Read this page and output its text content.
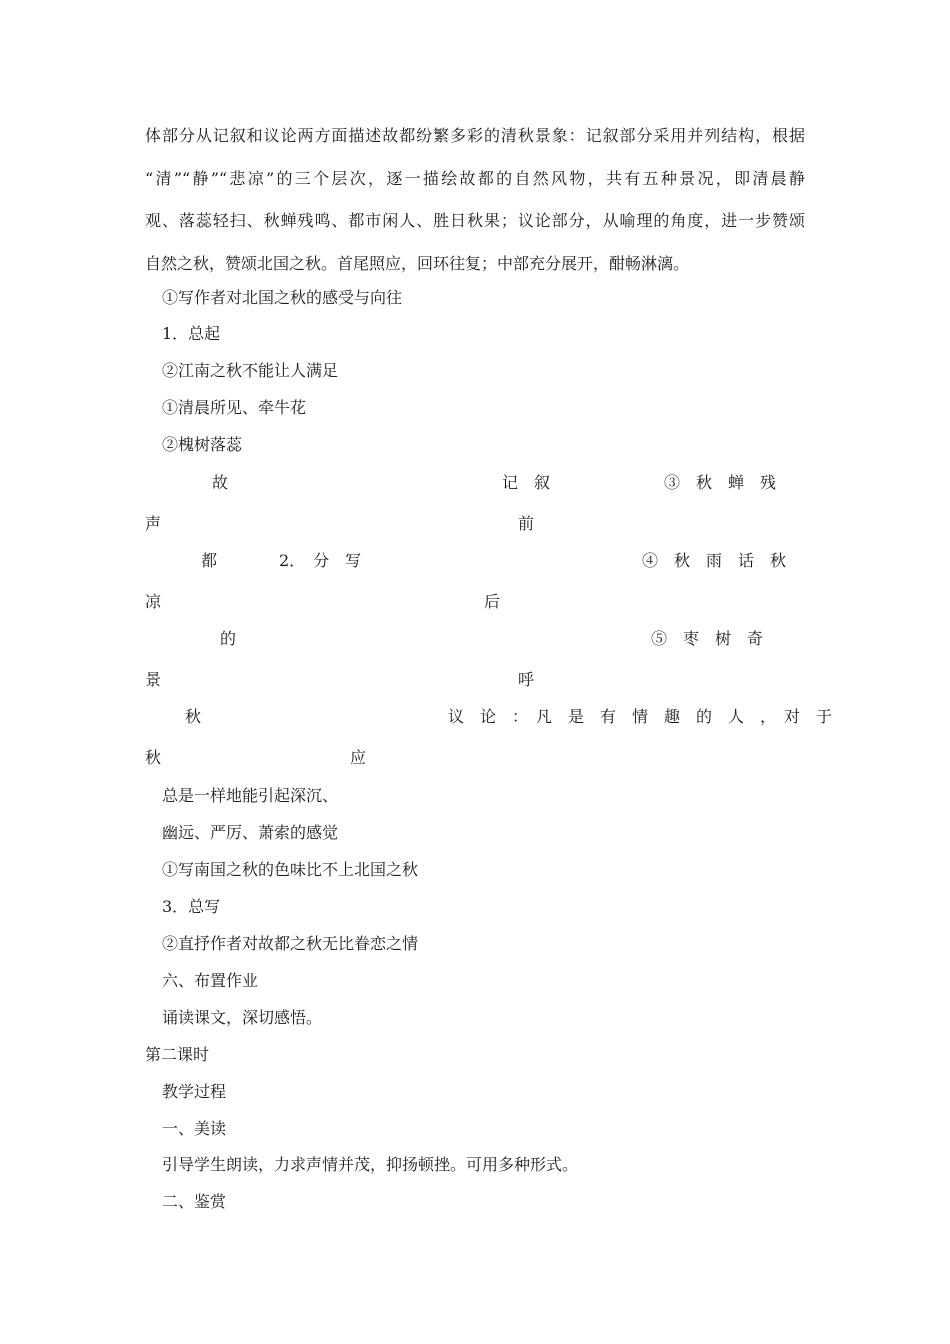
体部分从记叙和议论两方面描述故都纷繁多彩的清秋景象：记叙部分采用并列结构，根据
“清”“静”“悲凉”的三个层次，逐一描绘故都的自然风物，共有五种景况，即清晨静
观、落蕊轻扫、秋蝉残鸣、都市闲人、胜日秋果；议论部分，从喻理的角度，进一步赞颂
自然之秋，赞颂北国之秋。首尾照应，回环往复；中部充分展开，酣畅淋漓。
①写作者对北国之秋的感受与向往
1．总起
②江南之秋不能让人满足
①清晨所见、牵牛花
②槐树落蕊
故	记　叙	③　秋　蝉　残
声	前
都	2．　分　写	④　秋　雨　话　秋
凉	后
的	⑤　枣　树　奇
景	呼
秋	议　论　：　凡　是　有　情　趣　的　人　，　对　于
秋	应
总是一样地能引起深沉、
幽远、严厉、萧索的感觉
①写南国之秋的色味比不上北国之秋
3．总写
②直抒作者对故都之秋无比眷恋之情
六、布置作业
诵读课文，深切感悟。
第二课时
教学过程
一、美读
引导学生朗读，力求声情并茂，抑扬顿挫。可用多种形式。
二、鉴赏
